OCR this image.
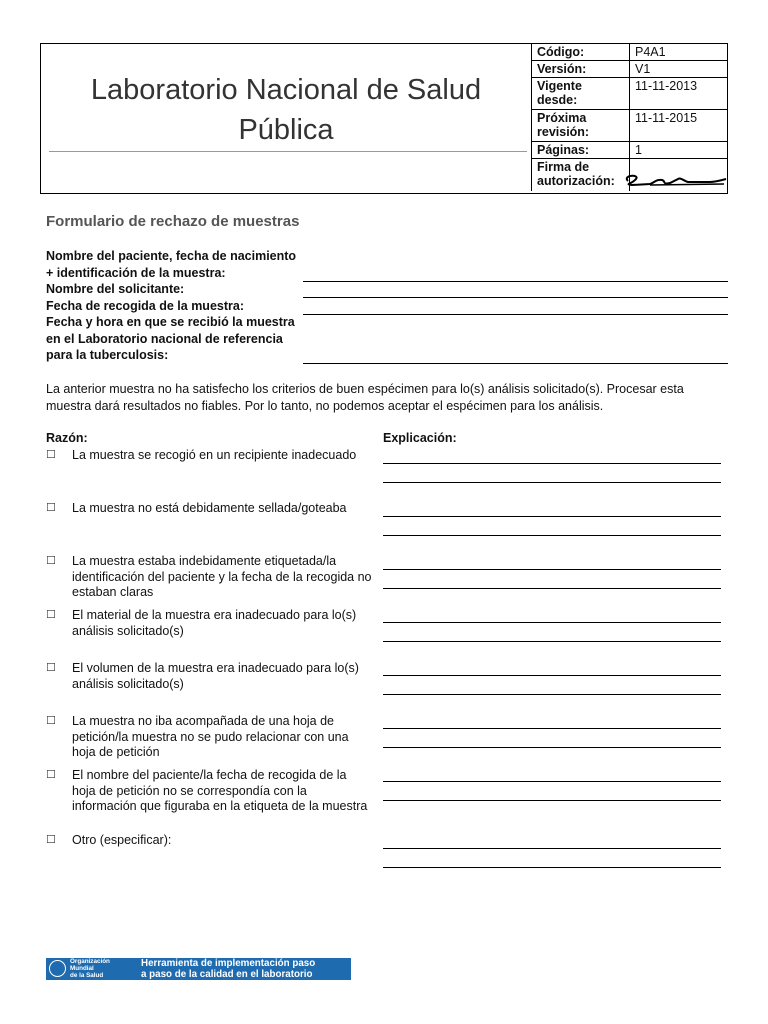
Laboratorio Nacional de Salud
Pública
Código:	P4A1
Versión:	V1
Vigente desde:	11-11-2013
Próxima revisión:	11-11-2015
Páginas:	1
Firma de autorización:	
Formulario de rechazo de muestras
Nombre del paciente, fecha de nacimiento + identificación de la muestra:
Nombre del solicitante:
Fecha de recogida de la muestra:
Fecha y hora en que se recibió la muestra en el Laboratorio nacional de referencia para la tuberculosis:
La anterior muestra no ha satisfecho los criterios de buen espécimen para lo(s) análisis solicitado(s). Procesar esta muestra dará resultados no fiables. Por lo tanto, no podemos aceptar el espécimen para los análisis.
Razón:	Explicación:
☐ La muestra se recogió en un recipiente inadecuado
☐ La muestra no está debidamente sellada/goteaba
☐ La muestra estaba indebidamente etiquetada/la identificación del paciente y la fecha de la recogida no estaban claras
☐ El material de la muestra era inadecuado para lo(s) análisis solicitado(s)
☐ El volumen de la muestra era inadecuado para lo(s) análisis solicitado(s)
☐ La muestra no iba acompañada de una hoja de petición/la muestra no se pudo relacionar con una hoja de petición
☐ El nombre del paciente/la fecha de recogida de la hoja de petición no se correspondía con la información que figuraba en la etiqueta de la muestra
☐ Otro (especificar):
Organización
Mundial
de la Salud
Herramienta de implementación paso
a paso de la calidad en el laboratorio
